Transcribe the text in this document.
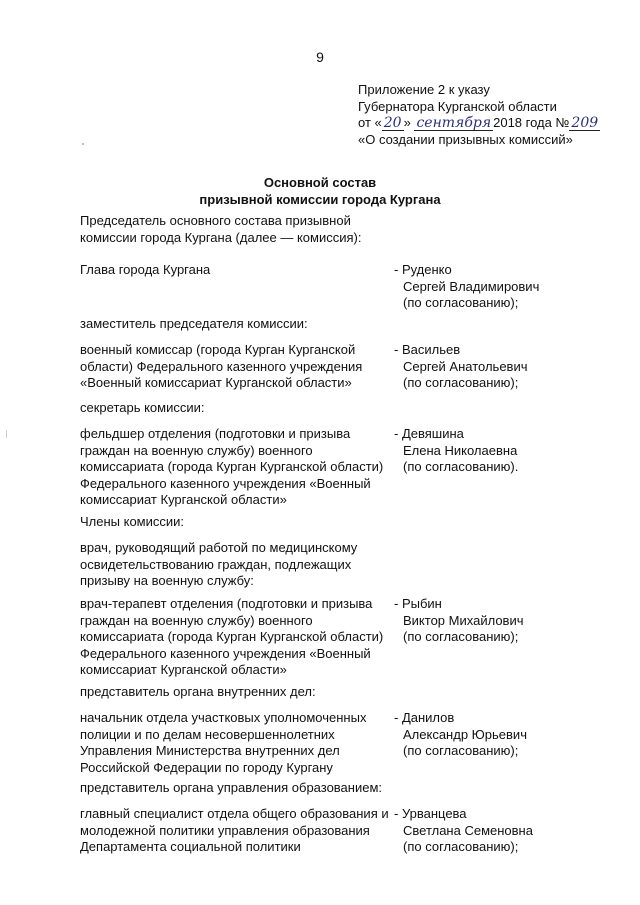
9
Приложение 2 к указу
Губернатора Курганской области
от « 20 » сентября 2018 года № 209
«О создании призывных комиссий»
Основной состав
призывной комиссии города Кургана
Председатель основного состава призывной
комиссии города Кургана (далее — комиссия):
Глава города Кургана	- Руденко
Сергей Владимирович
(по согласованию);
заместитель председателя комиссии:
военный комиссар (города Курган Курганской
области) Федерального казенного учреждения
«Военный комиссариат Курганской области»
- Васильев
Сергей Анатольевич
(по согласованию);
секретарь комиссии:
фельдшер отделения (подготовки и призыва
граждан на военную службу) военного
комиссариата (города Курган Курганской области)
Федерального казенного учреждения «Военный
комиссариат Курганской области»
- Девяшина
Елена Николаевна
(по согласованию).
Члены комиссии:
врач, руководящий работой по медицинскому
освидетельствованию граждан, подлежащих
призыву на военную службу:
врач-терапевт отделения (подготовки и призыва
граждан на военную службу) военного
комиссариата (города Курган Курганской области)
Федерального казенного учреждения «Военный
комиссариат Курганской области»
- Рыбин
Виктор Михайлович
(по согласованию);
представитель органа внутренних дел:
начальник отдела участковых уполномоченных
полиции и по делам несовершеннолетних
Управления Министерства внутренних дел
Российской Федерации по городу Кургану
- Данилов
Александр Юрьевич
(по согласованию);
представитель органа управления образованием:
главный специалист отдела общего образования и
молодежной политики управления образования
Департамента социальной политики
- Урванцева
Светлана Семеновна
(по согласованию);
